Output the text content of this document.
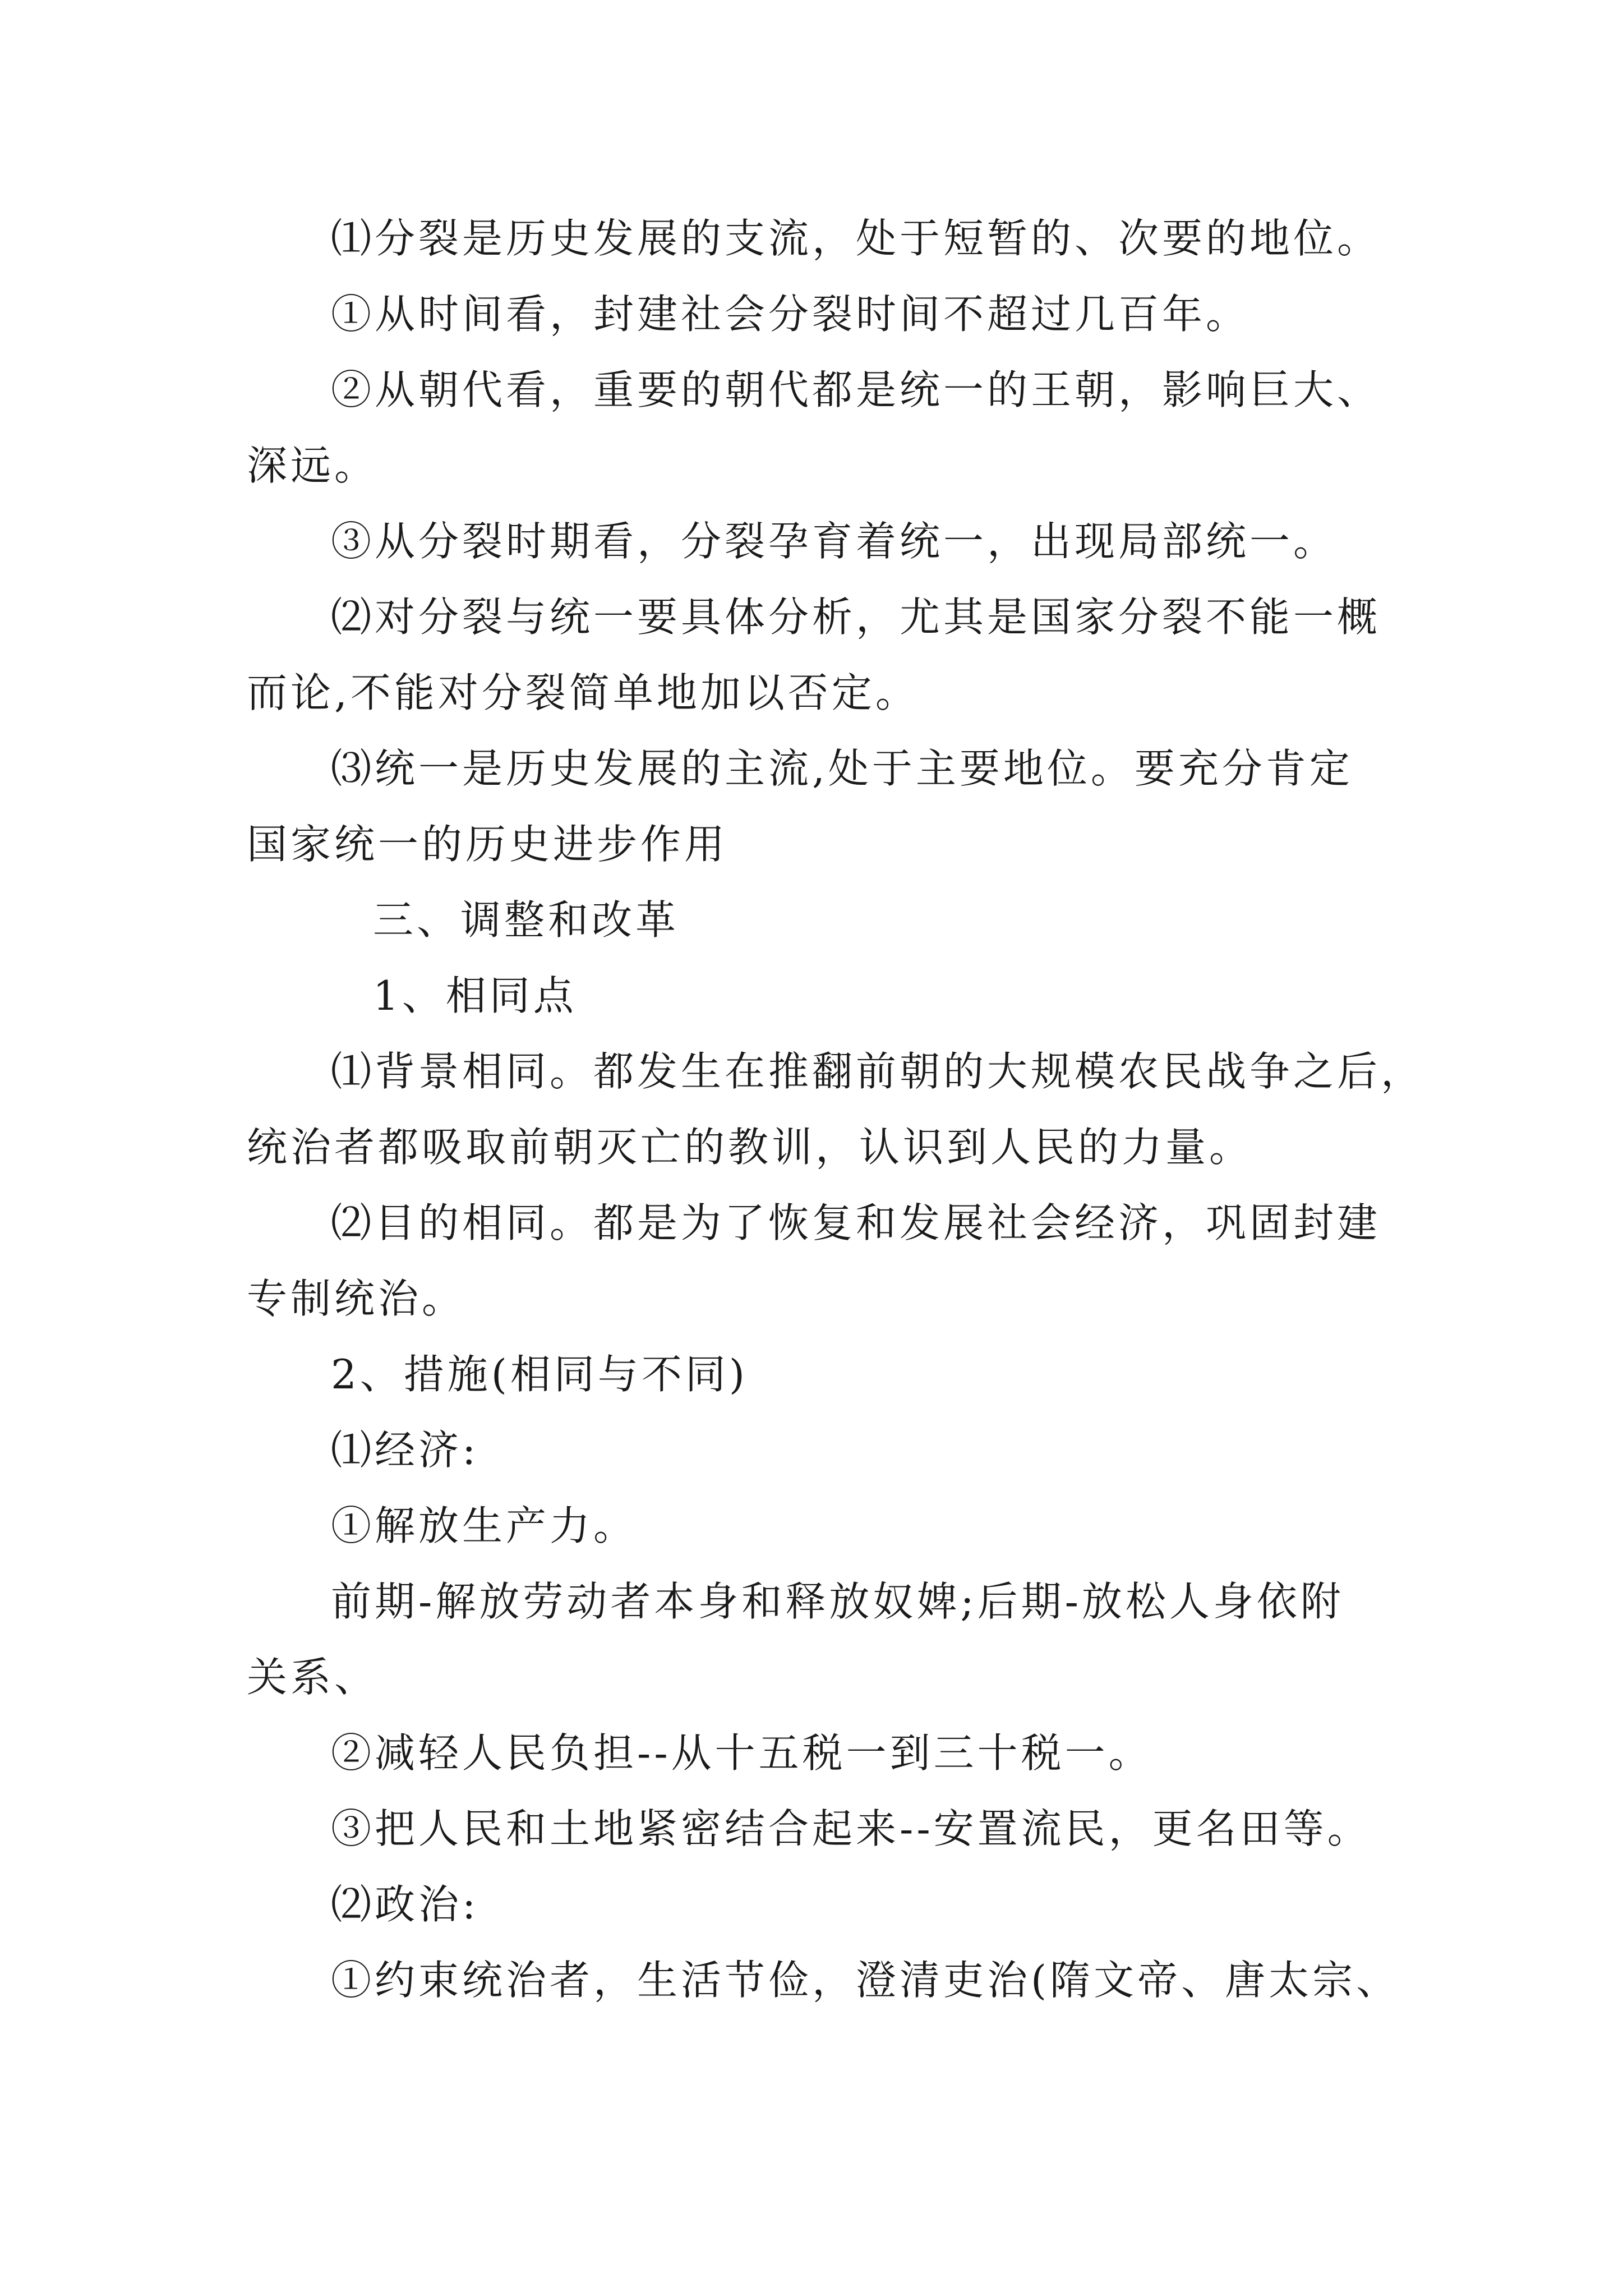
⑴分裂是历史发展的支流，处于短暂的、次要的地位。
①从时间看，封建社会分裂时间不超过几百年。
②从朝代看，重要的朝代都是统一的王朝，影响巨大、
深远。
③从分裂时期看，分裂孕育着统一，出现局部统一。
⑵对分裂与统一要具体分析，尤其是国家分裂不能一概
而论,不能对分裂简单地加以否定。
⑶统一是历史发展的主流,处于主要地位。要充分肯定
国家统一的历史进步作用
三、调整和改革
1、相同点
⑴背景相同。都发生在推翻前朝的大规模农民战争之后，
统治者都吸取前朝灭亡的教训，认识到人民的力量。
⑵目的相同。都是为了恢复和发展社会经济，巩固封建
专制统治。
2、措施(相同与不同)
⑴经济:
①解放生产力。
前期-解放劳动者本身和释放奴婢;后期-放松人身依附
关系、
②减轻人民负担--从十五税一到三十税一。
③把人民和土地紧密结合起来--安置流民，更名田等。
⑵政治:
①约束统治者，生活节俭，澄清吏治(隋文帝、唐太宗、
